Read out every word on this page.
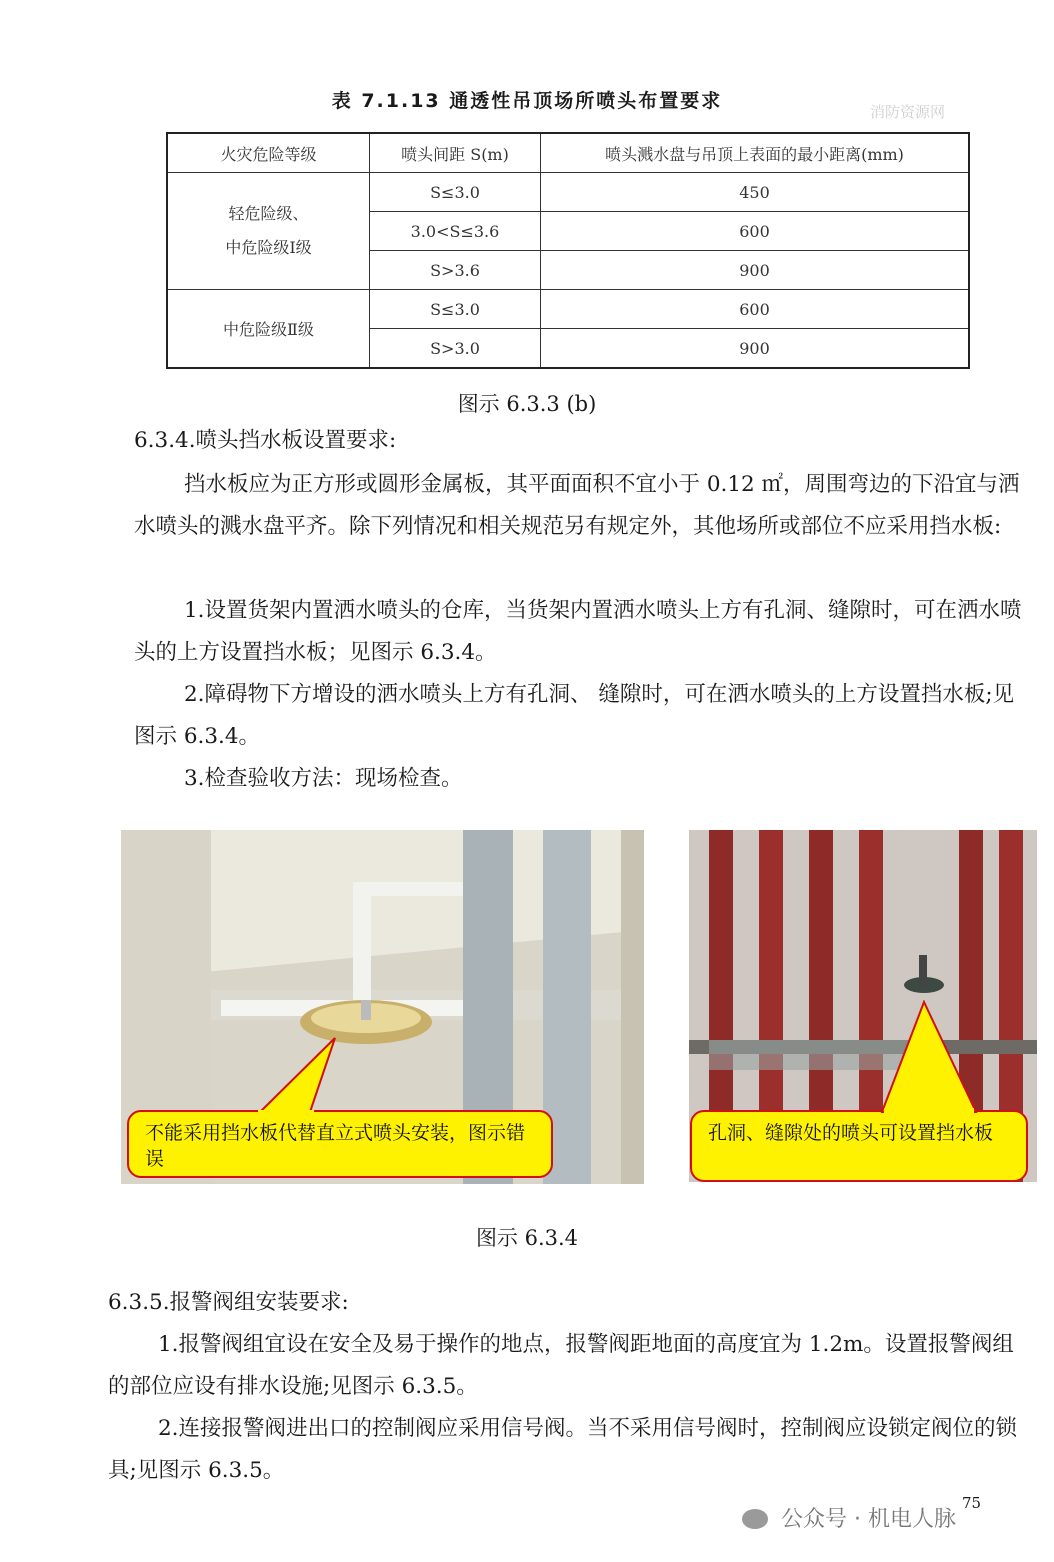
表 7.1.13 通透性吊顶场所喷头布置要求	消防资源网
火灾危险等级	喷头间距 S(m)	喷头溅水盘与吊顶上表面的最小距离(mm)

轻危险级、
中危险级Ⅰ级	S≤3.0	450
	3.0<S≤3.6	600
	S>3.6	900
中危险级Ⅱ级	S≤3.0	600
	S>3.0	900
图示 6.3.3 (b)
6.3.4.喷头挡水板设置要求:
挡水板应为正方形或圆形金属板，其平面面积不宜小于 0.12 ㎡，周围弯边的下沿宜与洒水喷头的溅水盘平齐。除下列情况和相关规范另有规定外，其他场所或部位不应采用挡水板:
1.设置货架内置洒水喷头的仓库，当货架内置洒水喷头上方有孔洞、缝隙时，可在洒水喷头的上方设置挡水板；见图示 6.3.4。
2.障碍物下方增设的洒水喷头上方有孔洞、 缝隙时，可在洒水喷头的上方设置挡水板;见图示 6.3.4。
3.检查验收方法：现场检查。
不能采用挡水板代替直立式喷头安装，图示错误
孔洞、缝隙处的喷头可设置挡水板
图示 6.3.4
6.3.5.报警阀组安装要求:
1.报警阀组宜设在安全及易于操作的地点，报警阀距地面的高度宜为 1.2m。设置报警阀组的部位应设有排水设施;见图示 6.3.5。
2.连接报警阀进出口的控制阀应采用信号阀。当不采用信号阀时，控制阀应设锁定阀位的锁具;见图示 6.3.5。
75
公众号 · 机电人脉
